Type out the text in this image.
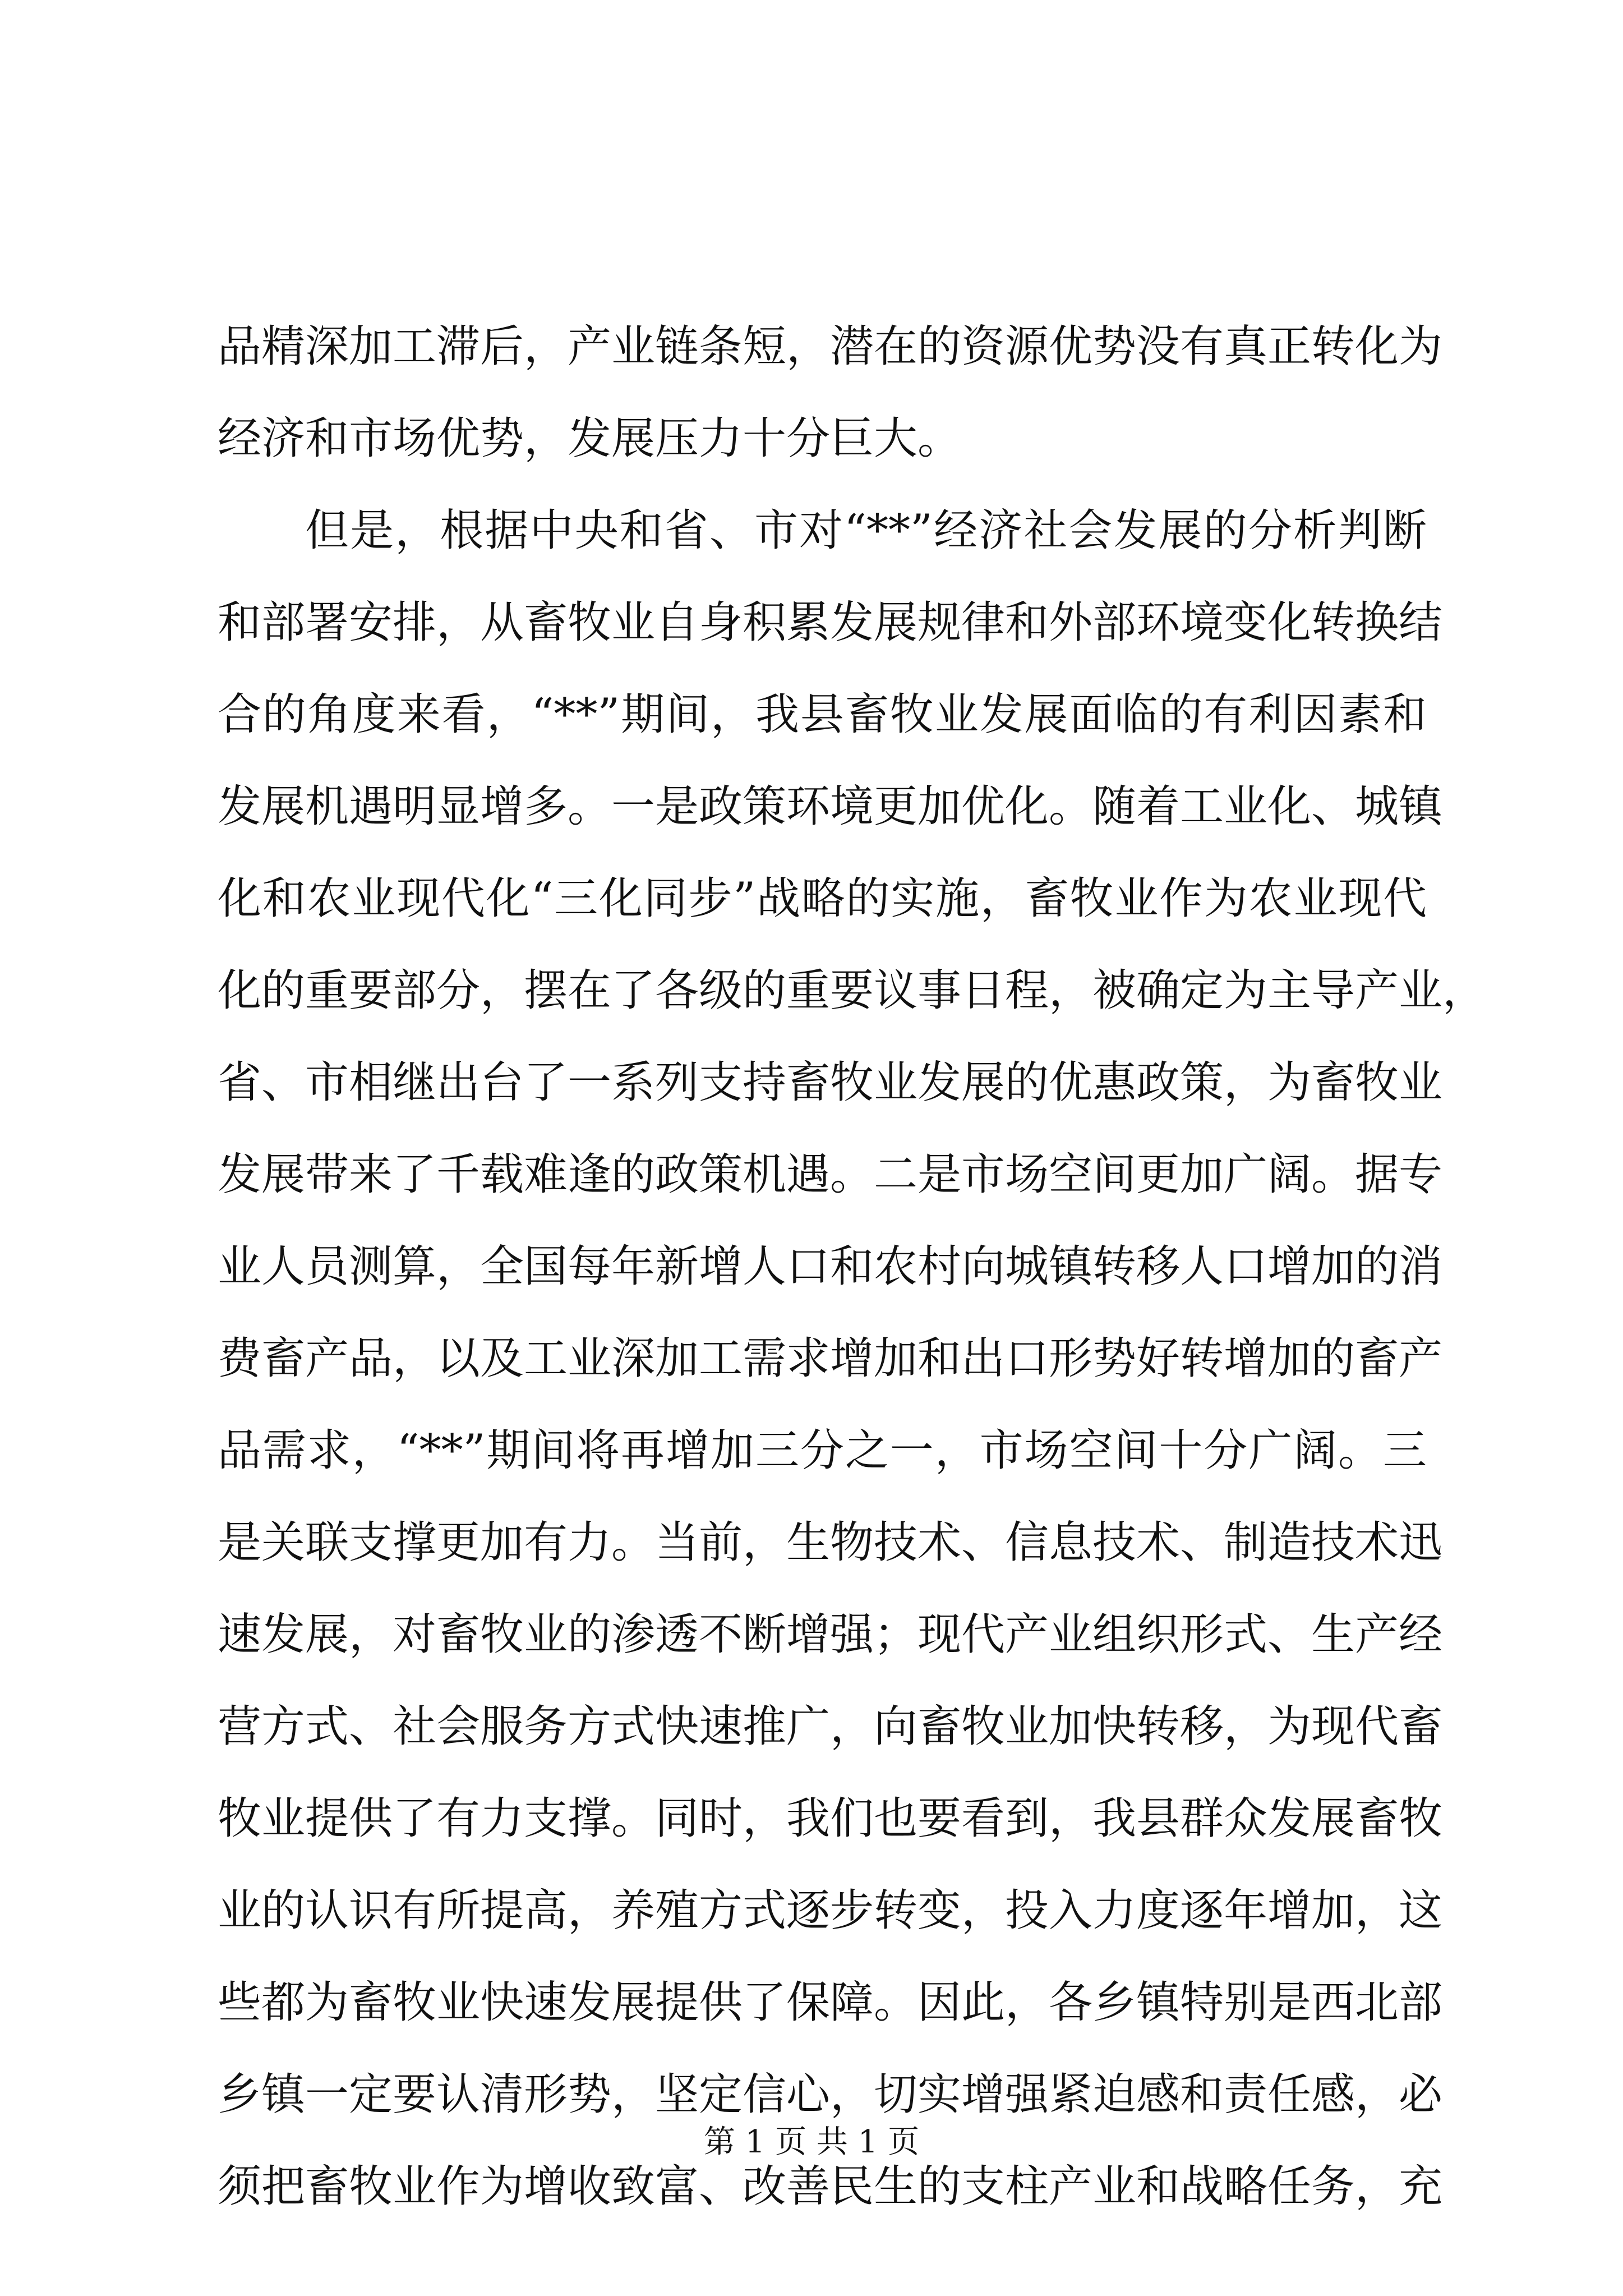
品精深加工滞后，产业链条短，潜在的资源优势没有真正转化为
经济和市场优势，发展压力十分巨大。
但是，根据中央和省、市对“**”经济社会发展的分析判断
和部署安排，从畜牧业自身积累发展规律和外部环境变化转换结
合的角度来看，“**”期间，我县畜牧业发展面临的有利因素和
发展机遇明显增多。一是政策环境更加优化。随着工业化、城镇
化和农业现代化“三化同步”战略的实施，畜牧业作为农业现代
化的重要部分，摆在了各级的重要议事日程，被确定为主导产业，
省、市相继出台了一系列支持畜牧业发展的优惠政策，为畜牧业
发展带来了千载难逢的政策机遇。二是市场空间更加广阔。据专
业人员测算，全国每年新增人口和农村向城镇转移人口增加的消
费畜产品，以及工业深加工需求增加和出口形势好转增加的畜产
品需求，“**”期间将再增加三分之一，市场空间十分广阔。三
是关联支撑更加有力。当前，生物技术、信息技术、制造技术迅
速发展，对畜牧业的渗透不断增强；现代产业组织形式、生产经
营方式、社会服务方式快速推广，向畜牧业加快转移，为现代畜
牧业提供了有力支撑。同时，我们也要看到，我县群众发展畜牧
业的认识有所提高，养殖方式逐步转变，投入力度逐年增加，这
些都为畜牧业快速发展提供了保障。因此，各乡镇特别是西北部
乡镇一定要认清形势，坚定信心，切实增强紧迫感和责任感，必
须把畜牧业作为增收致富、改善民生的支柱产业和战略任务，充
第 1 页 共 1 页
